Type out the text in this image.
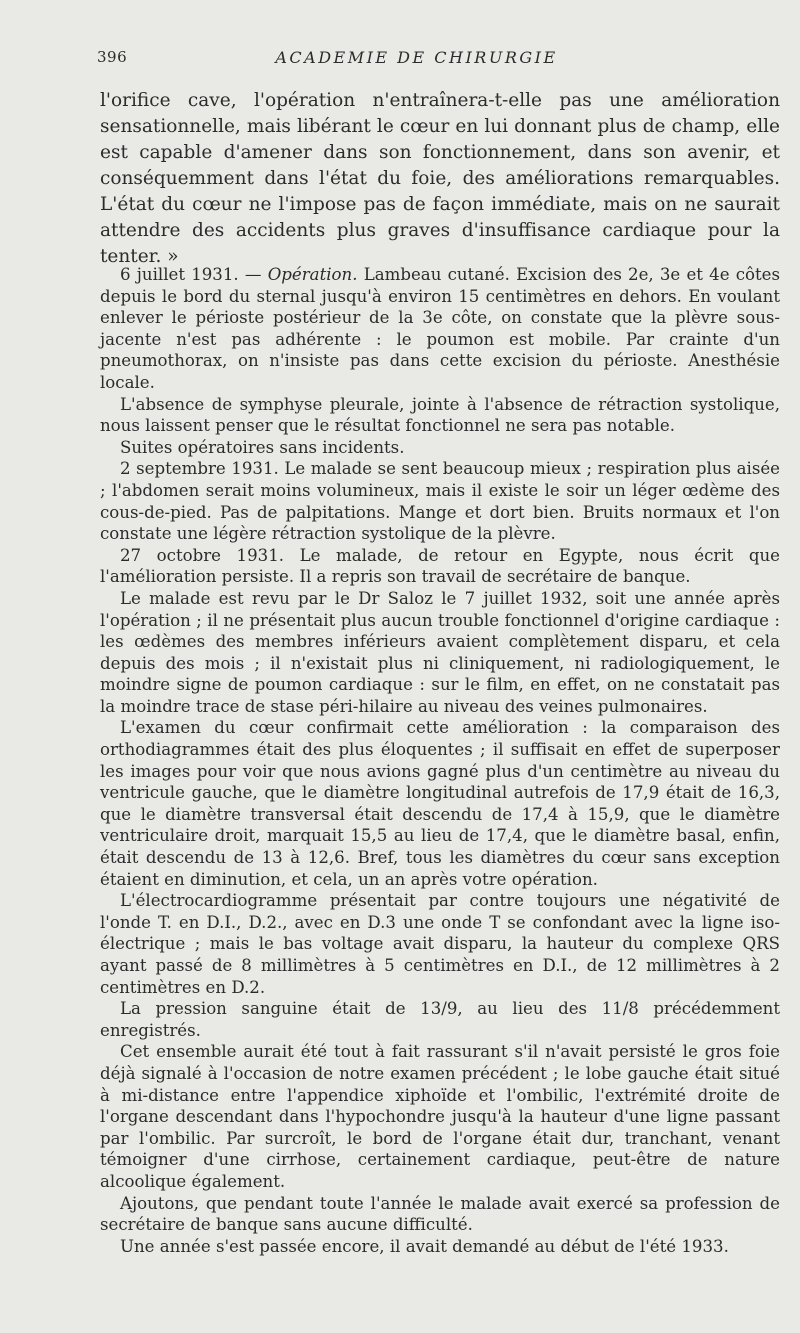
396	ACADEMIE DE CHIRURGIE

l'orifice cave, l'opération n'entraînera-t-elle pas une amélioration sensationnelle, mais libérant le cœur en lui donnant plus de champ, elle est capable d'amener dans son fonctionnement, dans son avenir, et conséquemment dans l'état du foie, des améliorations remarquables. L'état du cœur ne l'impose pas de façon immédiate, mais on ne saurait attendre des accidents plus graves d'insuffisance cardiaque pour la tenter. »

6 juillet 1931. — Opération. Lambeau cutané. Excision des 2e, 3e et 4e côtes depuis le bord du sternal jusqu'à environ 15 centimètres en dehors. En voulant enlever le périoste postérieur de la 3e côte, on constate que la plèvre sous-jacente n'est pas adhérente : le poumon est mobile. Par crainte d'un pneumothorax, on n'insiste pas dans cette excision du périoste. Anesthésie locale.

L'absence de symphyse pleurale, jointe à l'absence de rétraction systolique, nous laissent penser que le résultat fonctionnel ne sera pas notable.

Suites opératoires sans incidents.

2 septembre 1931. Le malade se sent beaucoup mieux ; respiration plus aisée ; l'abdomen serait moins volumineux, mais il existe le soir un léger œdème des cous-de-pied. Pas de palpitations. Mange et dort bien. Bruits normaux et l'on constate une légère rétraction systolique de la plèvre.

27 octobre 1931. Le malade, de retour en Egypte, nous écrit que l'amélioration persiste. Il a repris son travail de secrétaire de banque.

Le malade est revu par le Dr Saloz le 7 juillet 1932, soit une année après l'opération ; il ne présentait plus aucun trouble fonctionnel d'origine cardiaque : les œdèmes des membres inférieurs avaient complètement disparu, et cela depuis des mois ; il n'existait plus ni cliniquement, ni radiologiquement, le moindre signe de poumon cardiaque : sur le film, en effet, on ne constatait pas la moindre trace de stase péri-hilaire au niveau des veines pulmonaires.

L'examen du cœur confirmait cette amélioration : la comparaison des orthodiagrammes était des plus éloquentes ; il suffisait en effet de superposer les images pour voir que nous avions gagné plus d'un centimètre au niveau du ventricule gauche, que le diamètre longitudinal autrefois de 17,9 était de 16,3, que le diamètre transversal était descendu de 17,4 à 15,9, que le diamètre ventriculaire droit, marquait 15,5 au lieu de 17,4, que le diamètre basal, enfin, était descendu de 13 à 12,6. Bref, tous les diamètres du cœur sans exception étaient en diminution, et cela, un an après votre opération.

L'électrocardiogramme présentait par contre toujours une négativité de l'onde T. en D.I., D.2., avec en D.3 une onde T se confondant avec la ligne iso-électrique ; mais le bas voltage avait disparu, la hauteur du complexe QRS ayant passé de 8 millimètres à 5 centimètres en D.I., de 12 millimètres à 2 centimètres en D.2.

La pression sanguine était de 13/9, au lieu des 11/8 précédemment enregistrés.

Cet ensemble aurait été tout à fait rassurant s'il n'avait persisté le gros foie déjà signalé à l'occasion de notre examen précédent ; le lobe gauche était situé à mi-distance entre l'appendice xiphoïde et l'ombilic, l'extrémité droite de l'organe descendant dans l'hypochondre jusqu'à la hauteur d'une ligne passant par l'ombilic. Par surcroît, le bord de l'organe était dur, tranchant, venant témoigner d'une cirrhose, certainement cardiaque, peut-être de nature alcoolique également.

Ajoutons, que pendant toute l'année le malade avait exercé sa profession de secrétaire de banque sans aucune difficulté.

Une année s'est passée encore, il avait demandé au début de l'été 1933.
